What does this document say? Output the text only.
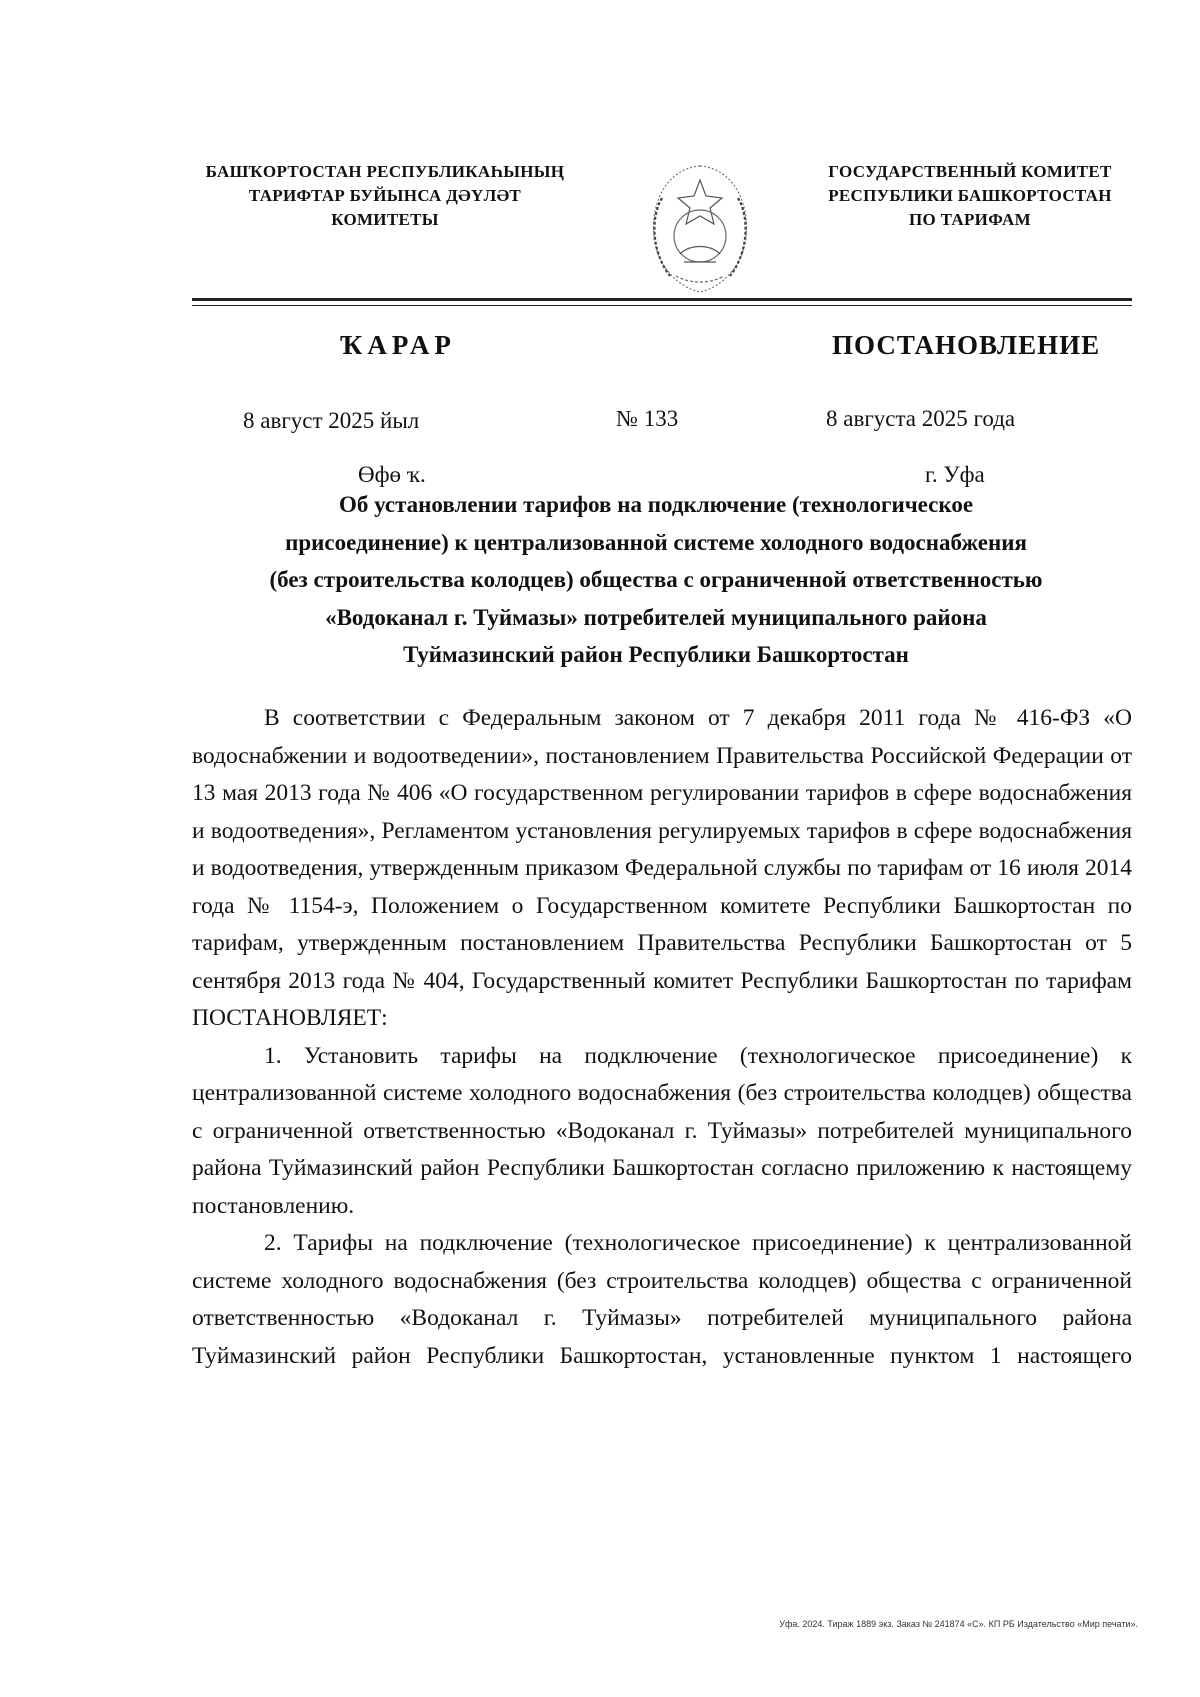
БАШҠОРТОСТАН РЕСПУБЛИКАҺЫНЫҢ
ТАРИФТАР БУЙЫНСА ДӘҮЛӘТ
КОМИТЕТЫ
ГОСУДАРСТВЕННЫЙ КОМИТЕТ
РЕСПУБЛИКИ БАШКОРТОСТАН
ПО ТАРИФАМ
ҠАРАР	ПОСТАНОВЛЕНИЕ
8 август 2025 йыл	№ 133	8 августа 2025 года
Өфө ҡ.	г. Уфа
Об установлении тарифов на подключение (технологическое
присоединение) к централизованной системе холодного водоснабжения
(без строительства колодцев) общества с ограниченной ответственностью
«Водоканал г. Туймазы» потребителей муниципального района
Туймазинский район Республики Башкортостан

В соответствии с Федеральным законом от 7 декабря 2011 года № 416-ФЗ «О водоснабжении и водоотведении», постановлением Правительства Российской Федерации от 13 мая 2013 года № 406 «О государственном регулировании тарифов в сфере водоснабжения и водоотведения», Регламентом установления регулируемых тарифов в сфере водоснабжения и водоотведения, утвержденным приказом Федеральной службы по тарифам от 16 июля 2014 года № 1154-э, Положением о Государственном комитете Республики Башкортостан по тарифам, утвержденным постановлением Правительства Республики Башкортостан от 5 сентября 2013 года № 404, Государственный комитет Республики Башкортостан по тарифам ПОСТАНОВЛЯЕТ:

1. Установить тарифы на подключение (технологическое присоединение) к централизованной системе холодного водоснабжения (без строительства колодцев) общества с ограниченной ответственностью «Водоканал г. Туймазы» потребителей муниципального района Туймазинский район Республики Башкортостан согласно приложению к настоящему постановлению.

2. Тарифы на подключение (технологическое присоединение) к централизованной системе холодного водоснабжения (без строительства колодцев) общества с ограниченной ответственностью «Водоканал г. Туймазы» потребителей муниципального района Туймазинский район Республики Башкортостан, установленные пунктом 1 настоящего

Уфа. 2024. Тираж 1889 экз. Заказ № 241874 «С». КП РБ Издательство «Мир печати».
